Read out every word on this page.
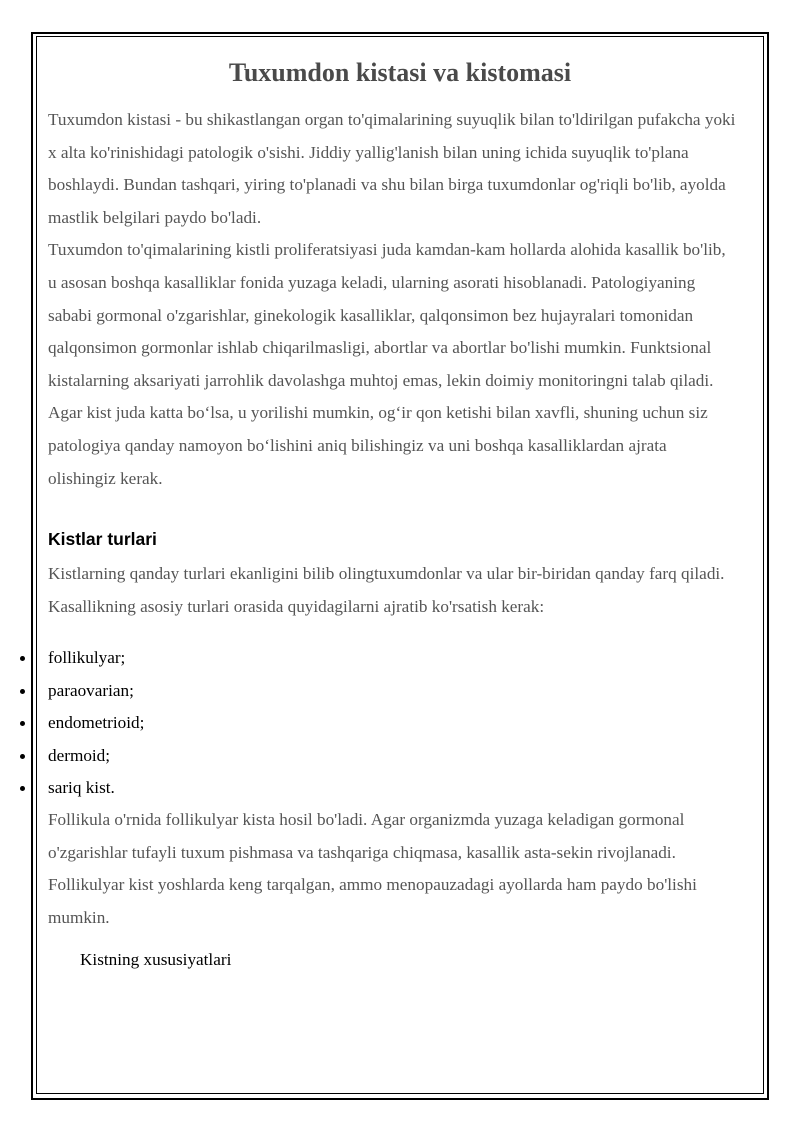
Tuxumdon kistasi va kistomasi
Tuxumdon kistasi - bu shikastlangan organ to'qimalarining suyuqlik bilan to'ldirilgan pufakcha yoki x alta ko'rinishidagi patologik o'sishi. Jiddiy yallig'lanish bilan uning ichida suyuqlik to'plana boshlaydi. Bundan tashqari, yiring to'planadi va shu bilan birga tuxumdonlar og'riqli bo'lib, ayolda mastlik belgilari paydo bo'ladi.
Tuxumdon to'qimalarining kistli proliferatsiyasi juda kamdan-kam hollarda alohida kasallik bo'lib, u asosan boshqa kasalliklar fonida yuzaga keladi, ularning asorati hisoblanadi. Patologiyaning sababi gormonal o'zgarishlar, ginekologik kasalliklar, qalqonsimon bez hujayralari tomonidan qalqonsimon gormonlar ishlab chiqarilmasligi, abortlar va abortlar bo'lishi mumkin. Funktsional kistalarning aksariyati jarrohlik davolashga muhtoj emas, lekin doimiy monitoringni talab qiladi.
Agar kist juda katta bo‘lsa, u yorilishi mumkin, og‘ir qon ketishi bilan xavfli, shuning uchun siz patologiya qanday namoyon bo‘lishini aniq bilishingiz va uni boshqa kasalliklardan ajrata olishingiz kerak.
Kistlar turlari
Kistlarning qanday turlari ekanligini bilib olingtuxumdonlar va ular bir-biridan qanday farq qiladi. Kasallikning asosiy turlari orasida quyidagilarni ajratib ko'rsatish kerak:
follikulyar;
paraovarian;
endometrioid;
dermoid;
sariq kist.
Follikula o'rnida follikulyar kista hosil bo'ladi. Agar organizmda yuzaga keladigan gormonal o'zgarishlar tufayli tuxum pishmasa va tashqariga chiqmasa, kasallik asta-sekin rivojlanadi. Follikulyar kist yoshlarda keng tarqalgan, ammo menopauzadagi ayollarda ham paydo bo'lishi mumkin.

Kistning xususiyatlari
